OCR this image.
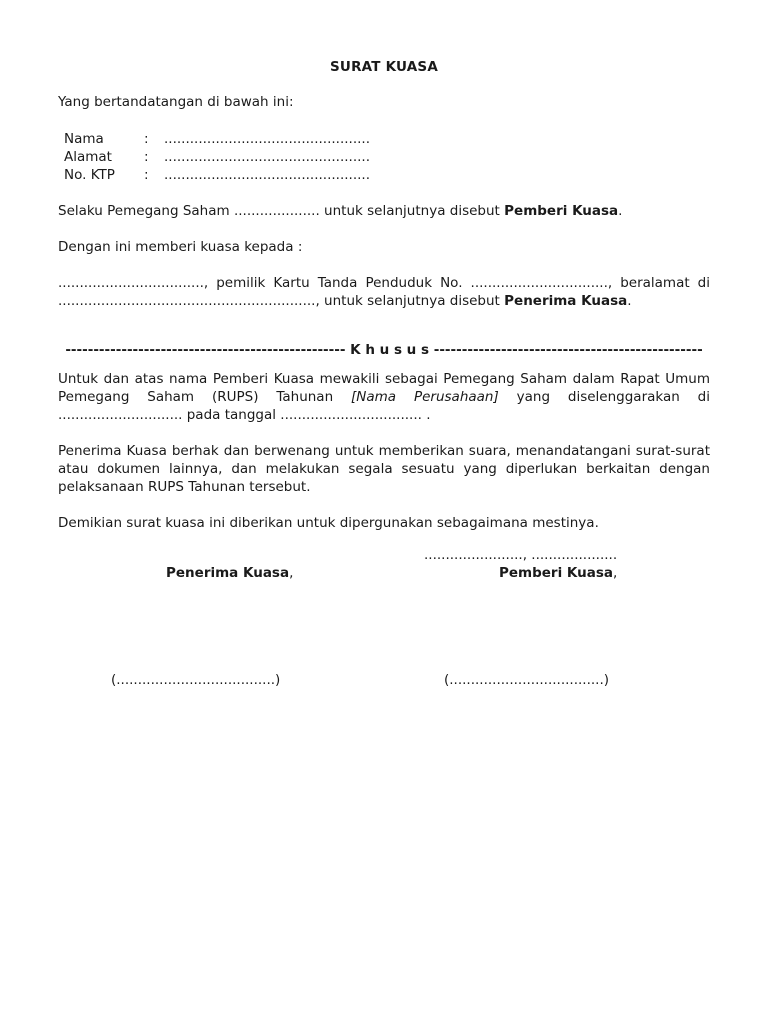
SURAT KUASA

Yang bertandatangan di bawah ini:

Nama	:	................................................
Alamat	:	................................................
No. KTP	:	................................................

Selaku Pemegang Saham .................... untuk selanjutnya disebut Pemberi Kuasa.

Dengan ini memberi kuasa kepada :

.................................., pemilik Kartu Tanda Penduduk No. ................................, beralamat di ............................................................, untuk selanjutnya disebut Penerima Kuasa.

-------------------------------------------------- K h u s u s ------------------------------------------------

Untuk dan atas nama Pemberi Kuasa mewakili sebagai Pemegang Saham dalam Rapat Umum Pemegang Saham (RUPS) Tahunan [Nama Perusahaan] yang diselenggarakan di ............................. pada tanggal ................................. .

Penerima Kuasa berhak dan berwenang untuk memberikan suara, menandatangani surat-surat atau dokumen lainnya, dan melakukan segala sesuatu yang diperlukan berkaitan dengan pelaksanaan RUPS Tahunan tersebut.

Demikian surat kuasa ini diberikan untuk dipergunakan sebagaimana mestinya.

......................., ....................
Penerima Kuasa,	Pemberi Kuasa,
(.....................................)	(....................................)
